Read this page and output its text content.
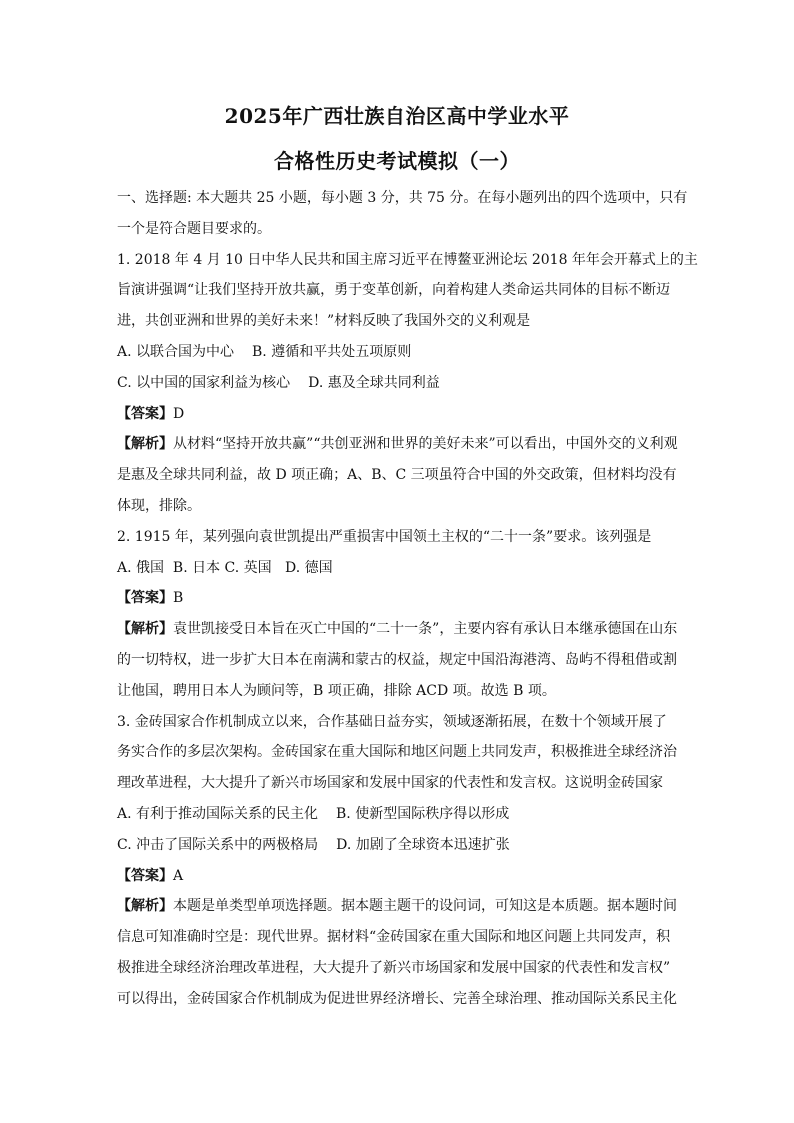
2025年广西壮族自治区高中学业水平
合格性历史考试模拟（一）

一、选择题: 本大题共 25 小题，每小题 3 分，共 75 分。在每小题列出的四个选项中，只有

一个是符合题目要求的。

1. 2018 年 4 月 10 日中华人民共和国主席习近平在博鳌亚洲论坛 2018 年年会开幕式上的主

旨演讲强调“让我们坚持开放共赢，勇于变革创新，向着构建人类命运共同体的目标不断迈

进，共创亚洲和世界的美好未来！”材料反映了我国外交的义利观是

A. 以联合国为中心 B. 遵循和平共处五项原则

C. 以中国的国家利益为核心 D. 惠及全球共同利益

【答案】D

【解析】从材料“坚持开放共赢”“共创亚洲和世界的美好未来”可以看出，中国外交的义利观

是惠及全球共同利益，故 D 项正确；A、B、C 三项虽符合中国的外交政策，但材料均没有

体现，排除。

2. 1915 年，某列强向袁世凯提出严重损害中国领土主权的“二十一条”要求。该列强是

A. 俄国  B. 日本 C. 英国   D. 德国

【答案】B

【解析】袁世凯接受日本旨在灭亡中国的“二十一条”，主要内容有承认日本继承德国在山东

的一切特权，进一步扩大日本在南满和蒙古的权益，规定中国沿海港湾、岛屿不得租借或割

让他国，聘用日本人为顾问等，B 项正确，排除 ACD 项。故选 B 项。

3. 金砖国家合作机制成立以来，合作基础日益夯实，领域逐渐拓展，在数十个领域开展了

务实合作的多层次架构。金砖国家在重大国际和地区问题上共同发声，积极推进全球经济治

理改革进程，大大提升了新兴市场国家和发展中国家的代表性和发言权。这说明金砖国家

A. 有利于推动国际关系的民主化 B. 使新型国际秩序得以形成

C. 冲击了国际关系中的两极格局 D. 加剧了全球资本迅速扩张

【答案】A

【解析】本题是单类型单项选择题。据本题主题干的设问词，可知这是本质题。据本题时间

信息可知准确时空是：现代世界。据材料“金砖国家在重大国际和地区问题上共同发声，积

极推进全球经济治理改革进程，大大提升了新兴市场国家和发展中国家的代表性和发言权”

可以得出，金砖国家合作机制成为促进世界经济增长、完善全球治理、推动国际关系民主化
